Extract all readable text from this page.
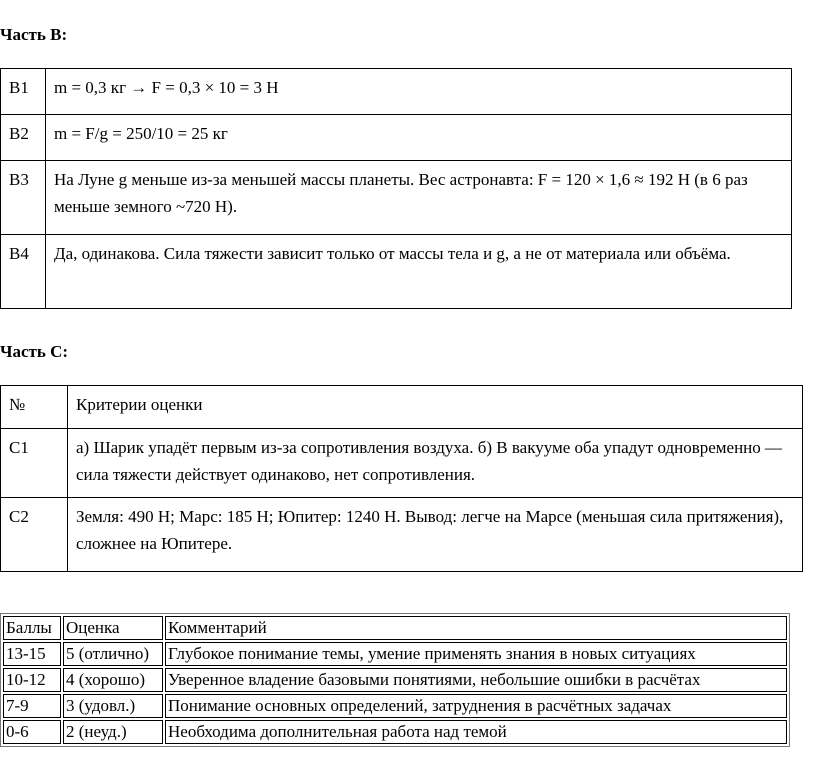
Часть B:
B1	m = 0,3 кг → F = 0,3 × 10 = 3 Н
B2	m = F/g = 250/10 = 25 кг
B3	На Луне g меньше из-за меньшей массы планеты. Вес астронавта: F = 120 × 1,6 ≈ 192 Н (в 6 раз меньше земного ~720 Н).
B4	Да, одинакова. Сила тяжести зависит только от массы тела и g, а не от материала или объёма.
Часть С:
№	Критерии оценки
С1	а) Шарик упадёт первым из-за сопротивления воздуха. б) В вакууме оба упадут одновременно — сила тяжести действует одинаково, нет сопротивления.
С2	Земля: 490 Н; Марс: 185 Н; Юпитер: 1240 Н. Вывод: легче на Марсе (меньшая сила притяжения), сложнее на Юпитере.
Баллы	Оценка	Комментарий
13-15	5 (отлично)	Глубокое понимание темы, умение применять знания в новых ситуациях
10-12	4 (хорошо)	Уверенное владение базовыми понятиями, небольшие ошибки в расчётах
7-9	3 (удовл.)	Понимание основных определений, затруднения в расчётных задачах
0-6	2 (неуд.)	Необходима дополнительная работа над темой
